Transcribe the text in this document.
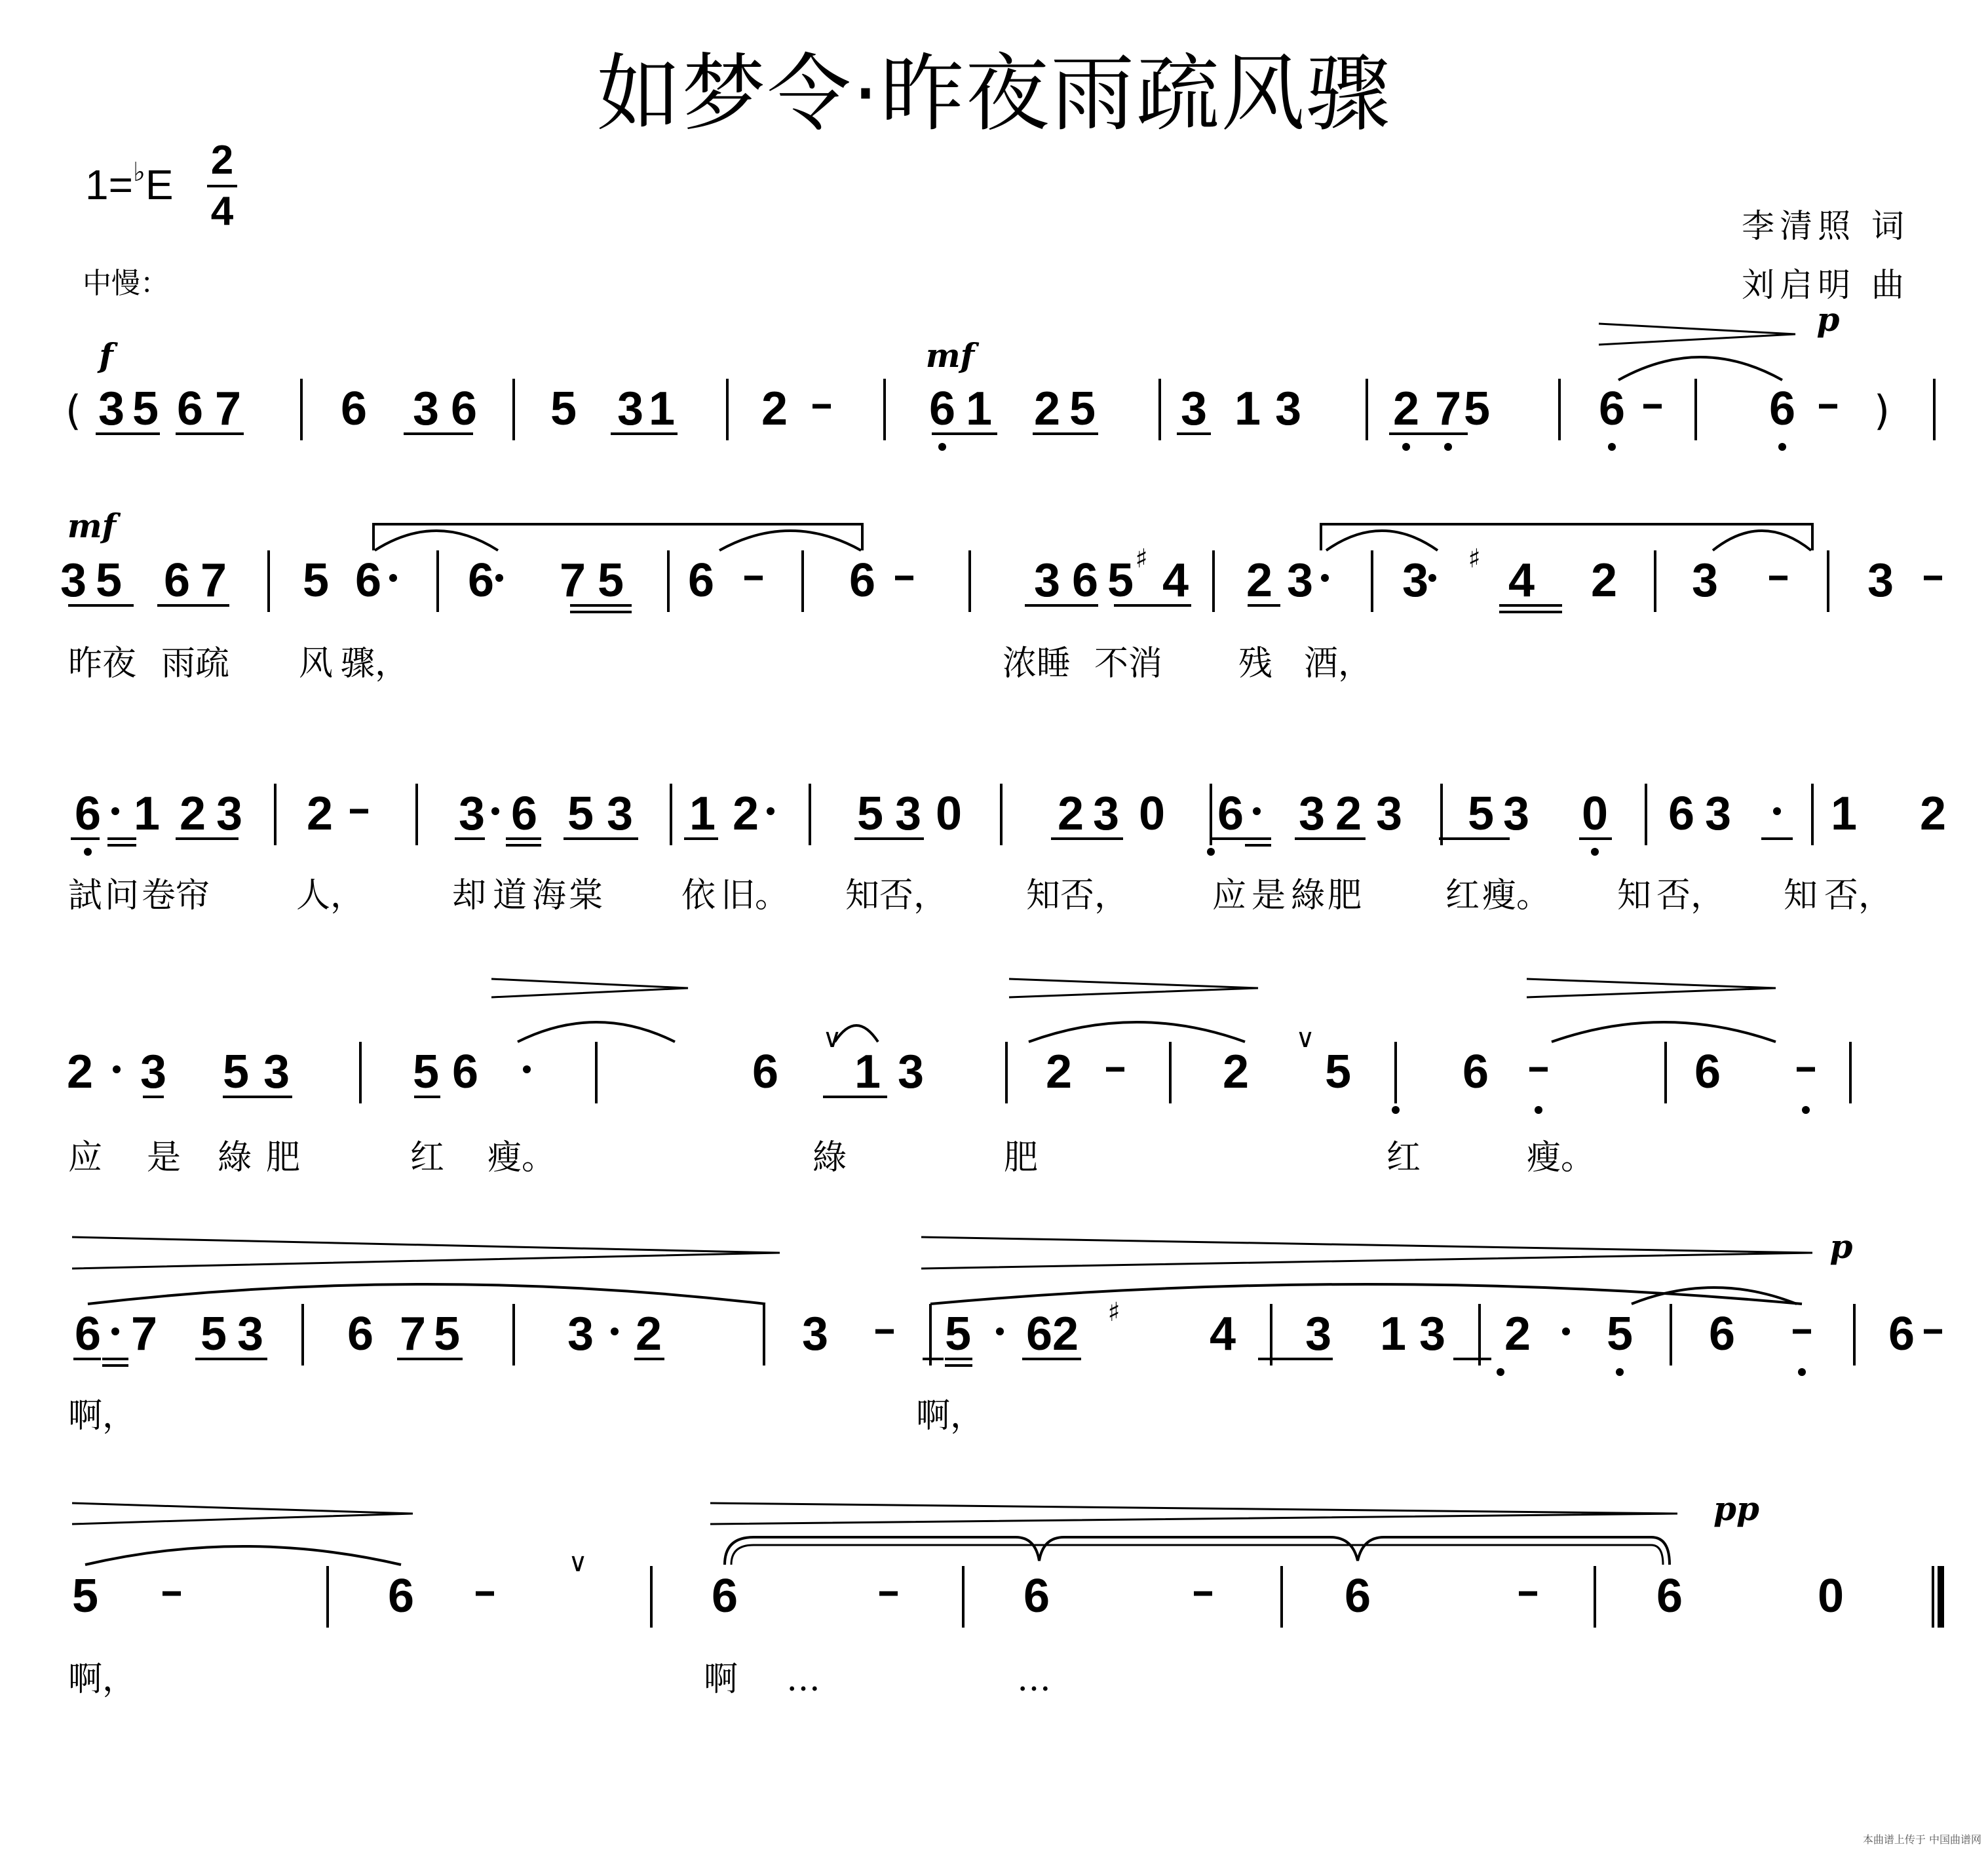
如梦令·昨夜雨疏风骤
1=♭E
2
4
中慢：
李清照 词
刘启明 曲
( 3 5 6 7 6 3 6 5 3 1 2	6 1 2 5 3 1 3 2 7 5 6	6 )
f	mf
p
3 5 6 7 5 6 6 7 5 6	6	3 6 5 ♯ 4 2 3 3 ♯ 4 2 3	3
mf
昨夜 雨疏 风 骤，	浓睡 不消 残 酒，
6 1 2 3 2	3 6 5 3 1 2 5 3 0 2 3 0 6 3 2 3 5 3 0 6 3 1 2
試 问 卷 帘	人，	却 道 海 棠 依 旧。 知否， 知否， 应 是 綠 肥 红 瘦。 知 否， 知 否，
2 3 5 3	5 6	6
∨
1 3	2	2
∨
5 6	6
应 是 綠 肥	红 瘦。	綠	肥	红	瘦。
6 7 5 3 6 7 5 3 2	3 5 6 2 ♯ 4 3 1 3 2 5 6	6
p
啊，	啊，
5	6
∨
6	6	6	6	0
pp
啊，	啊 …	…
本曲谱上传于 中国曲谱网
